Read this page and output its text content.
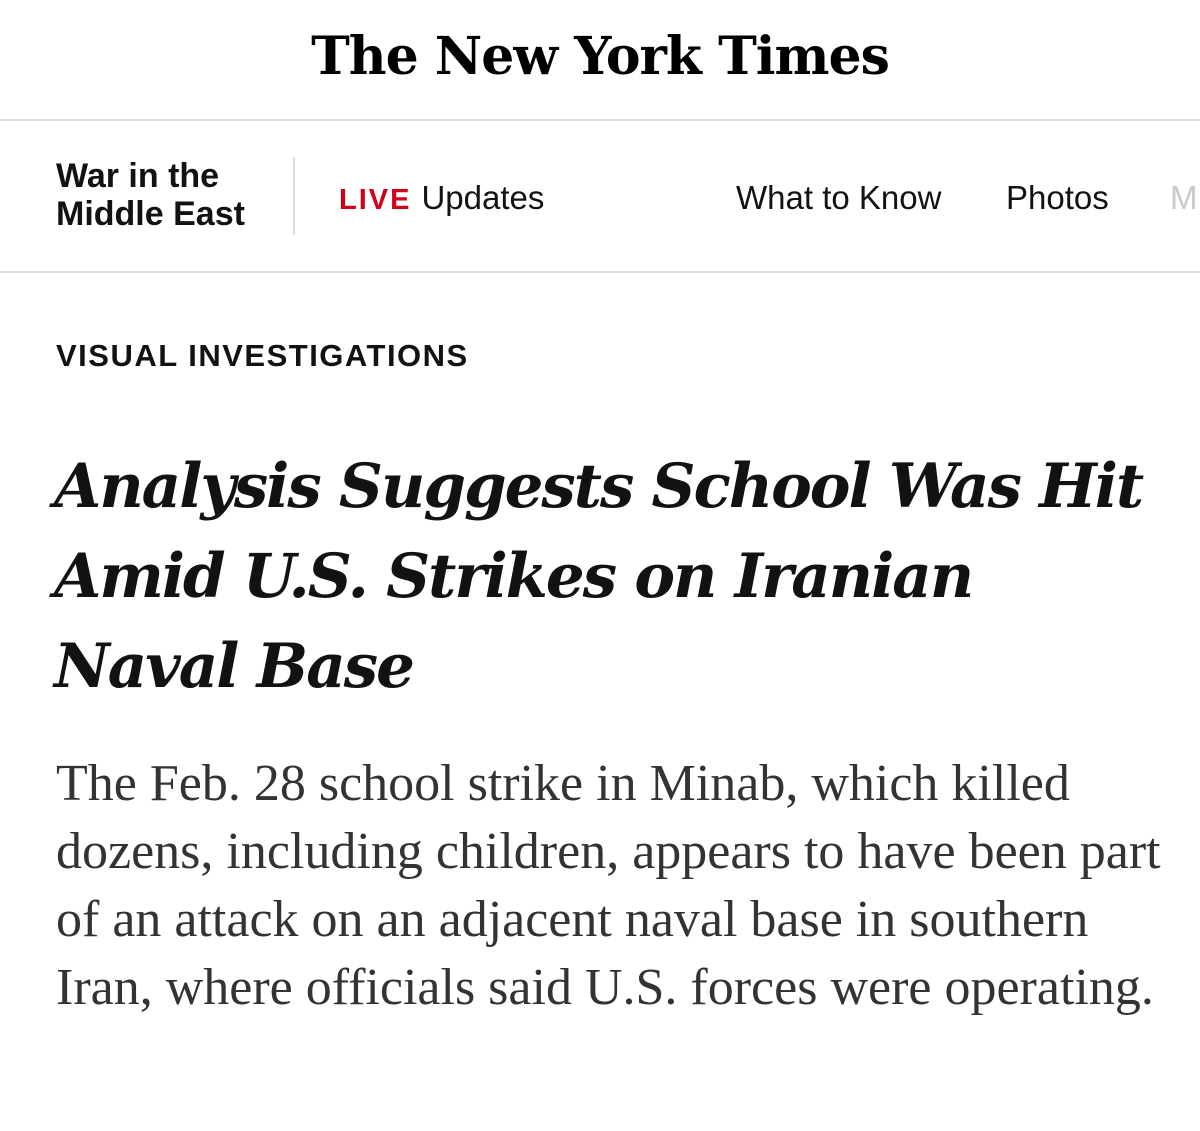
The New York Times
War in the
Middle East	LIVE Updates	What to Know Photos M
VISUAL INVESTIGATIONS
Analysis Suggests School Was Hit Amid U.S. Strikes on Iranian Naval Base

The Feb. 28 school strike in Minab, which killed dozens, including children, appears to have been part of an attack on an adjacent naval base in southern Iran, where officials said U.S. forces were operating.
